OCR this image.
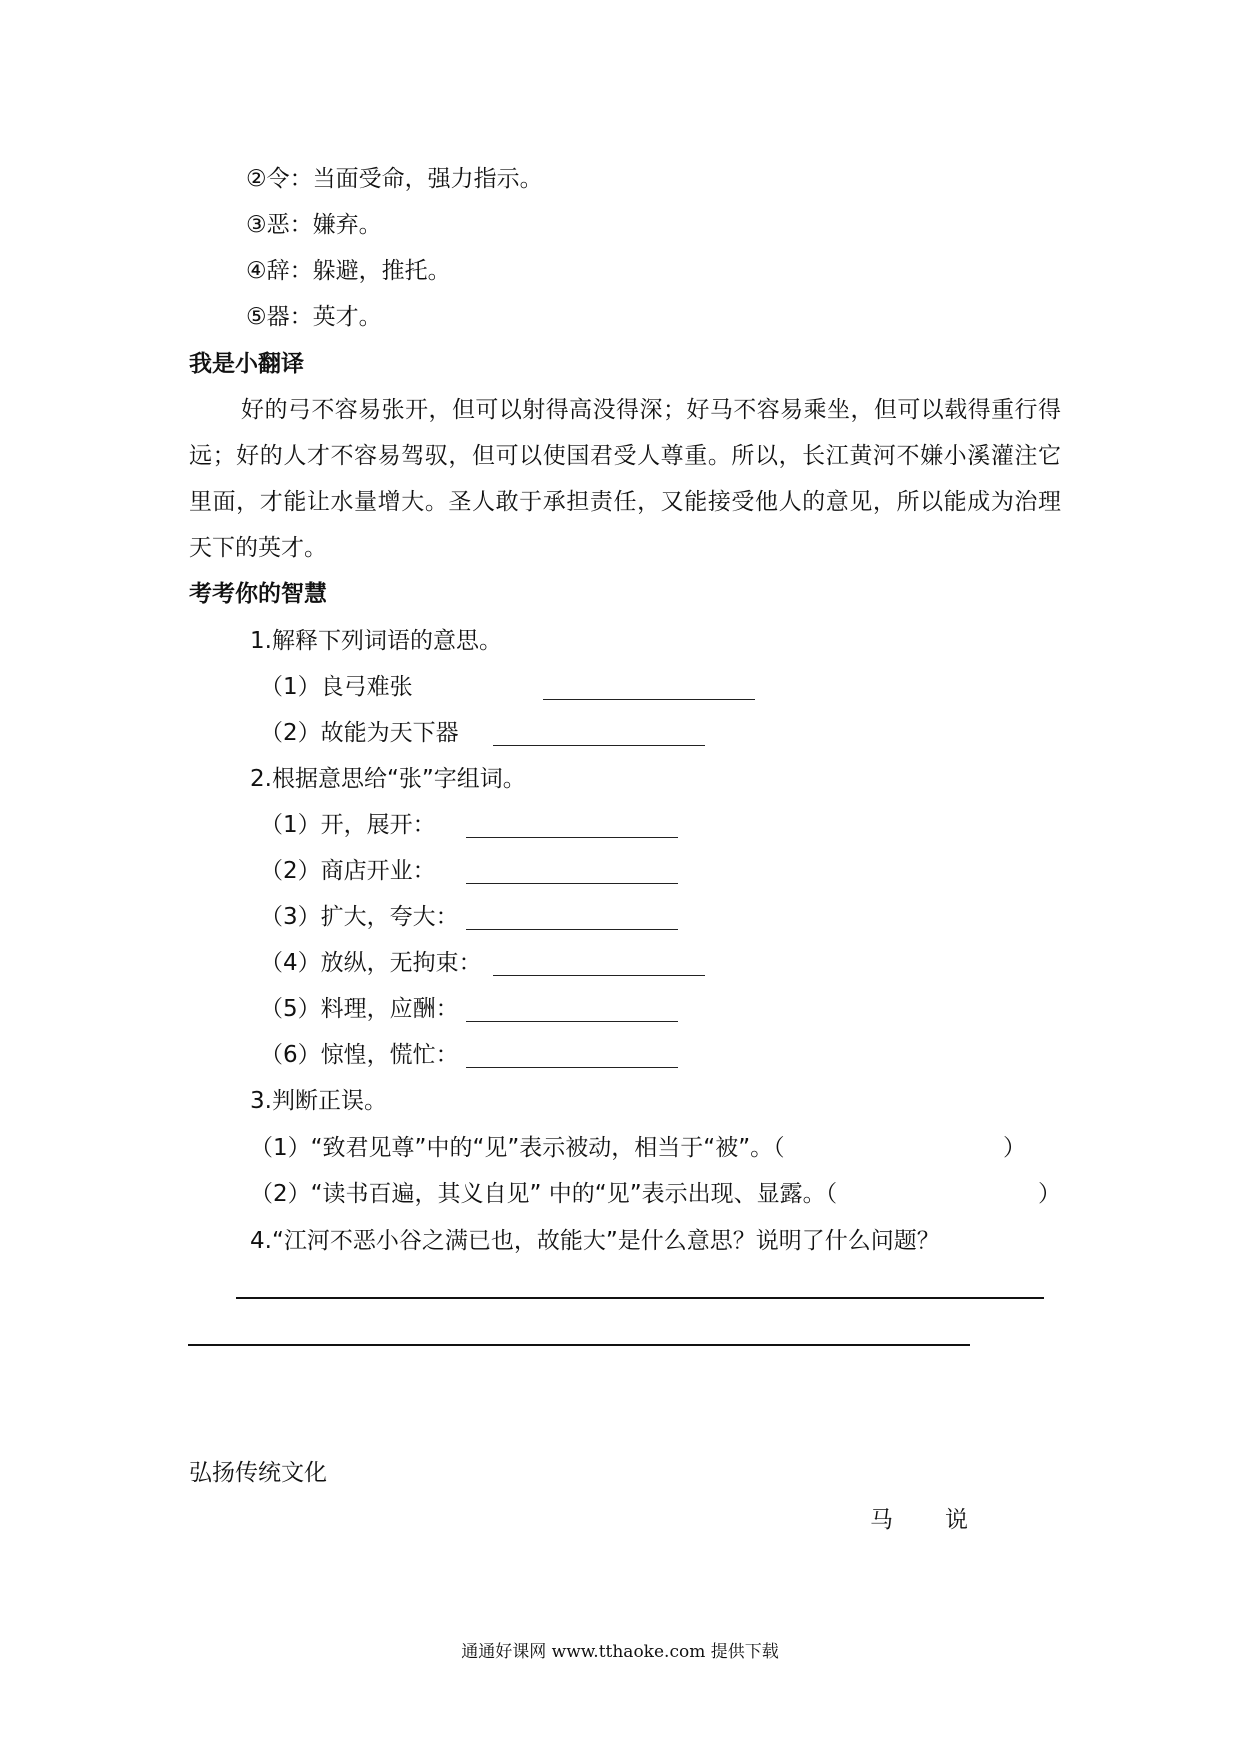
②令：当面受命，强力指示。
③恶：嫌弃。
④辞：躲避，推托。
⑤器：英才。
我是小翻译
好的弓不容易张开，但可以射得高没得深；好马不容易乘坐，但可以载得重行得远；好的人才不容易驾驭，但可以使国君受人尊重。所以，长江黄河不嫌小溪灌注它里面，才能让水量增大。圣人敢于承担责任，又能接受他人的意见，所以能成为治理天下的英才。
考考你的智慧
1.解释下列词语的意思。
（1）良弓难张
（2）故能为天下器
2.根据意思给“张”字组词。
（1）开，展开：
（2）商店开业：
（3）扩大，夸大：
（4）放纵，无拘束：
（5）料理，应酬：
（6）惊惶，慌忙：
3.判断正误。
（1）“致君见尊”中的“见”表示被动，相当于“被”。（	）
（2）“读书百遍，其义自见” 中的“见”表示出现、显露。（	）
4.“江河不恶小谷之满已也，故能大”是什么意思？说明了什么问题？
弘扬传统文化
马 说
通通好课网 www.tthaoke.com 提供下载
